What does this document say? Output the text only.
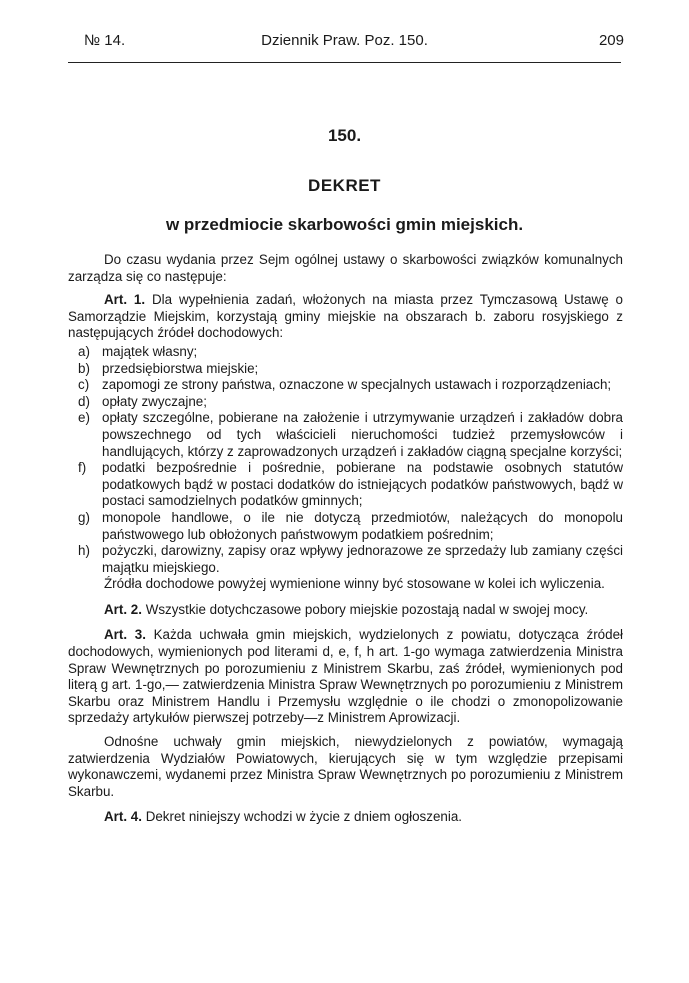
№ 14.	Dziennik Praw. Poz. 150.	209
150.
DEKRET
w przedmiocie skarbowości gmin miejskich.

Do czasu wydania przez Sejm ogólnej ustawy o skarbowości związków komunalnych zarządza się co następuje:

Art. 1. Dla wypełnienia zadań, włożonych na miasta przez Tymczasową Ustawę o Samorządzie Miejskim, korzystają gminy miejskie na obszarach b. zaboru rosyjskiego z następujących źródeł dochodowych:

a) majątek własny;
b) przedsiębiorstwa miejskie;
c) zapomogi ze strony państwa, oznaczone w specjalnych ustawach i rozporządzeniach;
d) opłaty zwyczajne;
e) opłaty szczególne, pobierane na założenie i utrzymywanie urządzeń i zakładów dobra powszechnego od tych właścicieli nieruchomości tudzież przemysłowców i handlujących, którzy z zaprowadzonych urządzeń i zakładów ciągną specjalne korzyści;
f)	podatki bezpośrednie i pośrednie, pobierane na podstawie osobnych statutów podatkowych bądź w postaci dodatków do istniejących podatków państwowych, bądź w postaci samodzielnych podatków gminnych;
g) monopole handlowe, o ile nie dotyczą przedmiotów, należących do monopolu państwowego lub obłożonych państwowym podatkiem pośrednim;
h) pożyczki, darowizny, zapisy oraz wpływy jednorazowe ze sprzedaży lub zamiany części majątku miejskiego.

Źródła dochodowe powyżej wymienione winny być stosowane w kolei ich wyliczenia.

Art. 2. Wszystkie dotychczasowe pobory miejskie pozostają nadal w swojej mocy.

Art. 3. Każda uchwała gmin miejskich, wydzielonych z powiatu, dotycząca źródeł dochodowych, wymienionych pod literami d, e, f, h art. 1-go wymaga zatwierdzenia Ministra Spraw Wewnętrznych po porozumieniu z Ministrem Skarbu, zaś źródeł, wymienionych pod literą g art. 1-go,— zatwierdzenia Ministra Spraw Wewnętrznych po porozumieniu z Ministrem Skarbu oraz Ministrem Handlu i Przemysłu względnie o ile chodzi o zmonopolizowanie sprzedaży artykułów pierwszej potrzeby—z Ministrem Aprowizacji.

Odnośne uchwały gmin miejskich, niewydzielonych z powiatów, wymagają zatwierdzenia Wydziałów Powiatowych, kierujących się w tym względzie przepisami wykonawczemi, wydanemi przez Ministra Spraw Wewnętrznych po porozumieniu z Ministrem Skarbu.

Art. 4. Dekret niniejszy wchodzi w życie z dniem ogłoszenia.
